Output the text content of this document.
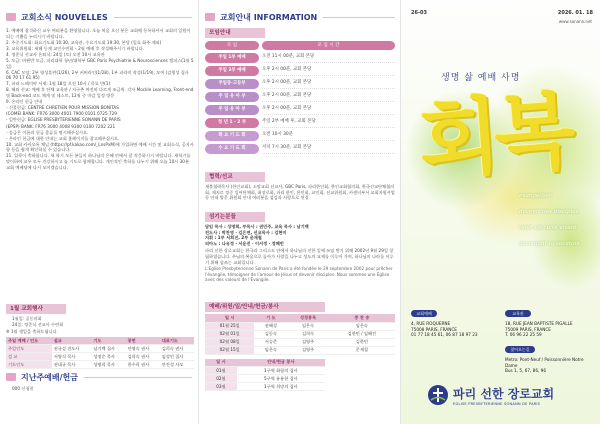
교회소식 NOUVELLES
1. 예배에 참석하신 교우 여러분을 환영합니다. 오늘 처음 오신 분은 교회에 등록하셔서 교회의 일원이 되는 기쁨을 누리시기 바랍니다.
2. 주중기도회: 화요기도회 10:30, 교육관, 수요기도회 19:30, 본당 (일요 화주 제외)
3. 교육위원회: 새해 동계 교인수련회 – 2월 예배 후 작성해주시기 바랍니다.
4. 정준식 선교사 은퇴식: 24일 (토) 오전 10시 교육관
5. 모금: 바뀐반 모금, 파리대학 청년/대학부 GBC Paris Psychiatrie & Neurosciences 캠퍼스(1월 5일)
6. CAC 모임: 2부 영성훈련(1/26), 2부 커버라인(1/28), 1부 피라미 작성(1/19), 모여 (감행성 집사 06 70 17 61 95)
7. 파리 느헤미야 서재: 1월 18일 오전 10시 / 목요 반(1)
8. 해외 선교: 예배 후 단체 교육관 / 지구촌 여전히 다르게 조금씩. 각자 Mockle Learning, Front-end 및 Back-end 코드 체계 및 데스트, 12월 중 마감 일정 방문
9. 온라인 헌금 안내
- 건물헌금: CENTRE CHRETIEN POUR MISSION BONITAS
(COMEI BANK: FR76 3000 4001 7900 0101 0725 729
- 일반헌금: EGLISE PRESBYTERIENNE SONANN DE PARIS
(EPSP) BANK: FR76 3000 4008 9300 0100 7202 221
- 송금은 이름과 헌금 종류를 명시해주십시오.
- 온라인 헌금에 대한 안내는 교회 홈페이지를 참고해주십시오.
10. 교회 카카오톡 채널 (https://pf.kakao.com/_LnsPxM)에 가입하면 예배 시간 및 교회소식, 공지사항 등을 쉽게 확인하실 수 있습니다.
11. 입학이 축하합니다. 새 학기 모든 분들이 하나님의 은혜 안에서 잘 적응하시기 바랍니다. 새학기를 맞이하여 교우 모두 건강하시고 늘 기도로 함께합니다. 개인적인 축하를 나누기 위해 오늘 10시 30분 교회 예배당에 다시 모이겠습니다.
1월 교회행사
1월일: 공동의회
24일: 정준식 선교사 수련회
※ 1월 생일을 축하드립니다
주일 예배 / 인도	설교	기도	봉헌	대표기도
주일인도	권규설 전도사	남기백 집사	안영숙 권사	김희숙 권사
설 교	서영식 목사	성정순 목사	김희숙 권사	임성민 집사
기도인도	권대규 목사	성명희 목사	한수희 권사	안진성 사모
지난주예배/헌금
000 신청헌
교회안내 INFORMATION
모임안내
모 임	모 임 시 간
주일 1부 예배	오전 11시 00분, 교회 본당
주일 2부 예배	오후 2시 00분, 교회 본당
주일중·고등부	오후 2시 00분, 교회 본당
주 일 유 아 부	오후 2시 00분, 교회 본당
주 일 유 아 부	오후 2시 00분, 교회 본당
청 년 1 · 2 부	주일 2부 예배 후, 교회 본당
화 요 기 도 회	오전 10시 30분
수 요 기 도 회	저녁 7시 30분, 교회 본당
협력/선교
재불협력목사 (한인교회), 소망교회 선교사, GBC Paris, 파리한인회, 한인교회협의회, 한국선교단체협의회, 제지르 정중 일어단체회, 최장로회, 파리 한인, 한인회, 교인회, 선교위원회, 카센터부서 교회지원사업 등 안내 방문 위원회 안내 여러분을 섬김과 사랑으로 연결
섬기는분들
담임 목사 : 성명희, 부목사 : 권민주, 교육 목사 : 남기백
전도사 : 박찬영 · 김은연, 선교목사 : 김현미
지휘 : 1부 서희진, 2부 윤재철
피아노 : 나유정 · 서윤진 · 이서정 · 정혜빈
파리 선한 장로교회는 한국과 그리스도 안에서 하나님의 선한 일에 쓰임 받기 위해 2002년 9월 29일 창립하였습니다. 주님의 복음으로 돌아가 사랑을 나누고 성도의 교제를 이루어 가며, 하나님의 나라를 이루기 위해 힘쓰는 교회입니다.
L'Eglise Presbyterienne Sonann de Paris a été fondée le 29 septembre 2002 pour prêcher l'évangile, témoigner de l'amour de Jésus et devenir disciples. Nous sommes une Église avec des valeurs de l'Évangile.
예배/위원/일/안내/헌금/봉사
일 시	기 도	성경봉독	중 찬 송
01월 25일	권혜성	임은숙	임은숙
02월 01일	김동숙	김희숙	김한민 / 임혜진
02월 08일	서승준	김영주	김한민
02월 15일	임은숙	김영주	문제철
일 시	안내/헌금 봉사
01월	1구역 화합의 집사
02월	5구역 유유한 집사
03월	1구역 희망의 집사
26-03	2026. 01. 18
www.sonann.net
생명 삶 예배 사명
회복
évangéliser
devenir des disciples
tenir un culte vivant
accomplir la vocation
교회예배
4, RUE ROQUERNE
75008 PARIS, FRANCE
01 77 18 45 61, 06 87 18 97 23
교육관
18, RUE JEAN BAPTISTE PIGALLE
75009 PARIS, FRANCE
T. 06 96 22 25 59
찾아오는길
Metro: Pont-Neuf / Poissonnière Notre Dame
Bus 1, 5, 67, 86, 96
파리 선한 장로교회
EGLISE PRESBYTERIENNE SONANN DE PARIS
